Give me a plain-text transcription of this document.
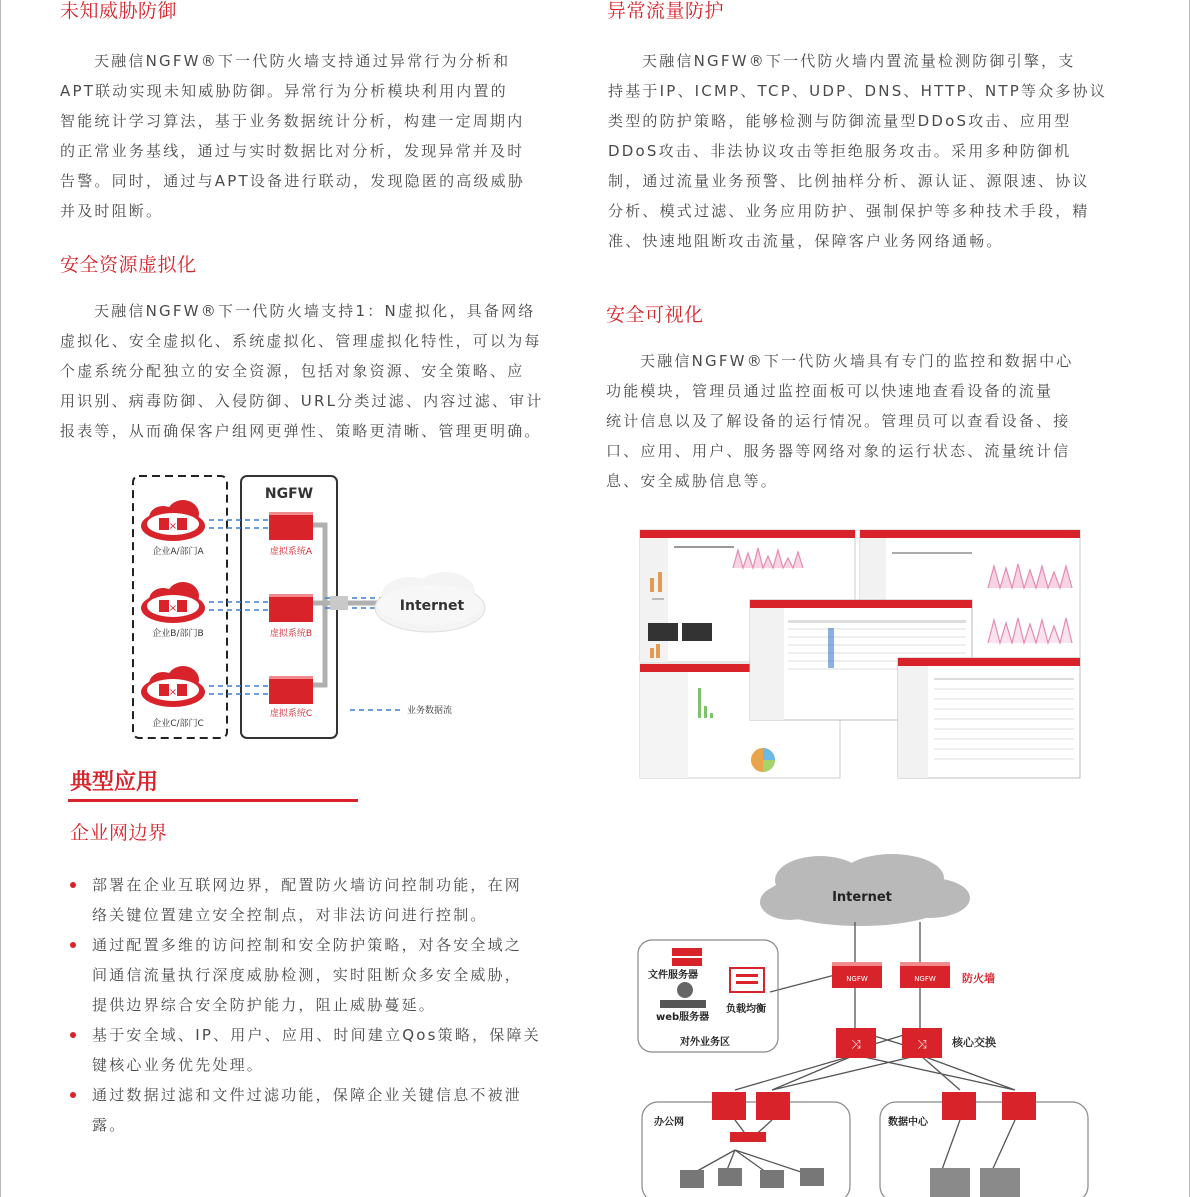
未知威胁防御
天融信NGFW®下一代防火墙支持通过异常行为分析和
APT联动实现未知威胁防御。异常行为分析模块利用内置的
智能统计学习算法，基于业务数据统计分析，构建一定周期内
的正常业务基线，通过与实时数据比对分析，发现异常并及时
告警。同时，通过与APT设备进行联动，发现隐匿的高级威胁
并及时阻断。
安全资源虚拟化
天融信NGFW®下一代防火墙支持1：N虚拟化，具备网络
虚拟化、安全虚拟化、系统虚拟化、管理虚拟化特性，可以为每
个虚系统分配独立的安全资源，包括对象资源、安全策略、应
用识别、病毒防御、入侵防御、URL分类过滤、内容过滤、审计
报表等，从而确保客户组网更弹性、策略更清晰、管理更明确。
NGFW
Internet
×
企业A/部门A	虚拟系统A
×
企业B/部门B	虚拟系统B
×
企业C/部门C
虚拟系统C	业务数据流
典型应用
企业网边界
部署在企业互联网边界，配置防火墙访问控制功能，在网
络关键位置建立安全控制点，对非法访问进行控制。
通过配置多维的访问控制和安全防护策略，对各安全域之
间通信流量执行深度威胁检测，实时阻断众多安全威胁，
提供边界综合安全防护能力，阻止威胁蔓延。
基于安全域、IP、用户、应用、时间建立Qos策略，保障关
键核心业务优先处理。
通过数据过滤和文件过滤功能，保障企业关键信息不被泄
露。
异常流量防护
天融信NGFW®下一代防火墙内置流量检测防御引擎，支
持基于IP、ICMP、TCP、UDP、DNS、HTTP、NTP等众多协议
类型的防护策略，能够检测与防御流量型DDoS攻击、应用型
DDoS攻击、非法协议攻击等拒绝服务攻击。采用多种防御机
制，通过流量业务预警、比例抽样分析、源认证、源限速、协议
分析、模式过滤、业务应用防护、强制保护等多种技术手段，精
准、快速地阻断攻击流量，保障客户业务网络通畅。
安全可视化
天融信NGFW®下一代防火墙具有专门的监控和数据中心
功能模块，管理员通过监控面板可以快速地查看设备的流量
统计信息以及了解设备的运行情况。管理员可以查看设备、接
口、应用、用户、服务器等网络对象的运行状态、流量统计信
息、安全威胁信息等。
Internet
NGFW	NGFW 防火墙
⤨	⤨ 核心交换
文件服务器
web服务器
负载均衡
对外业务区
办公网	数据中心
